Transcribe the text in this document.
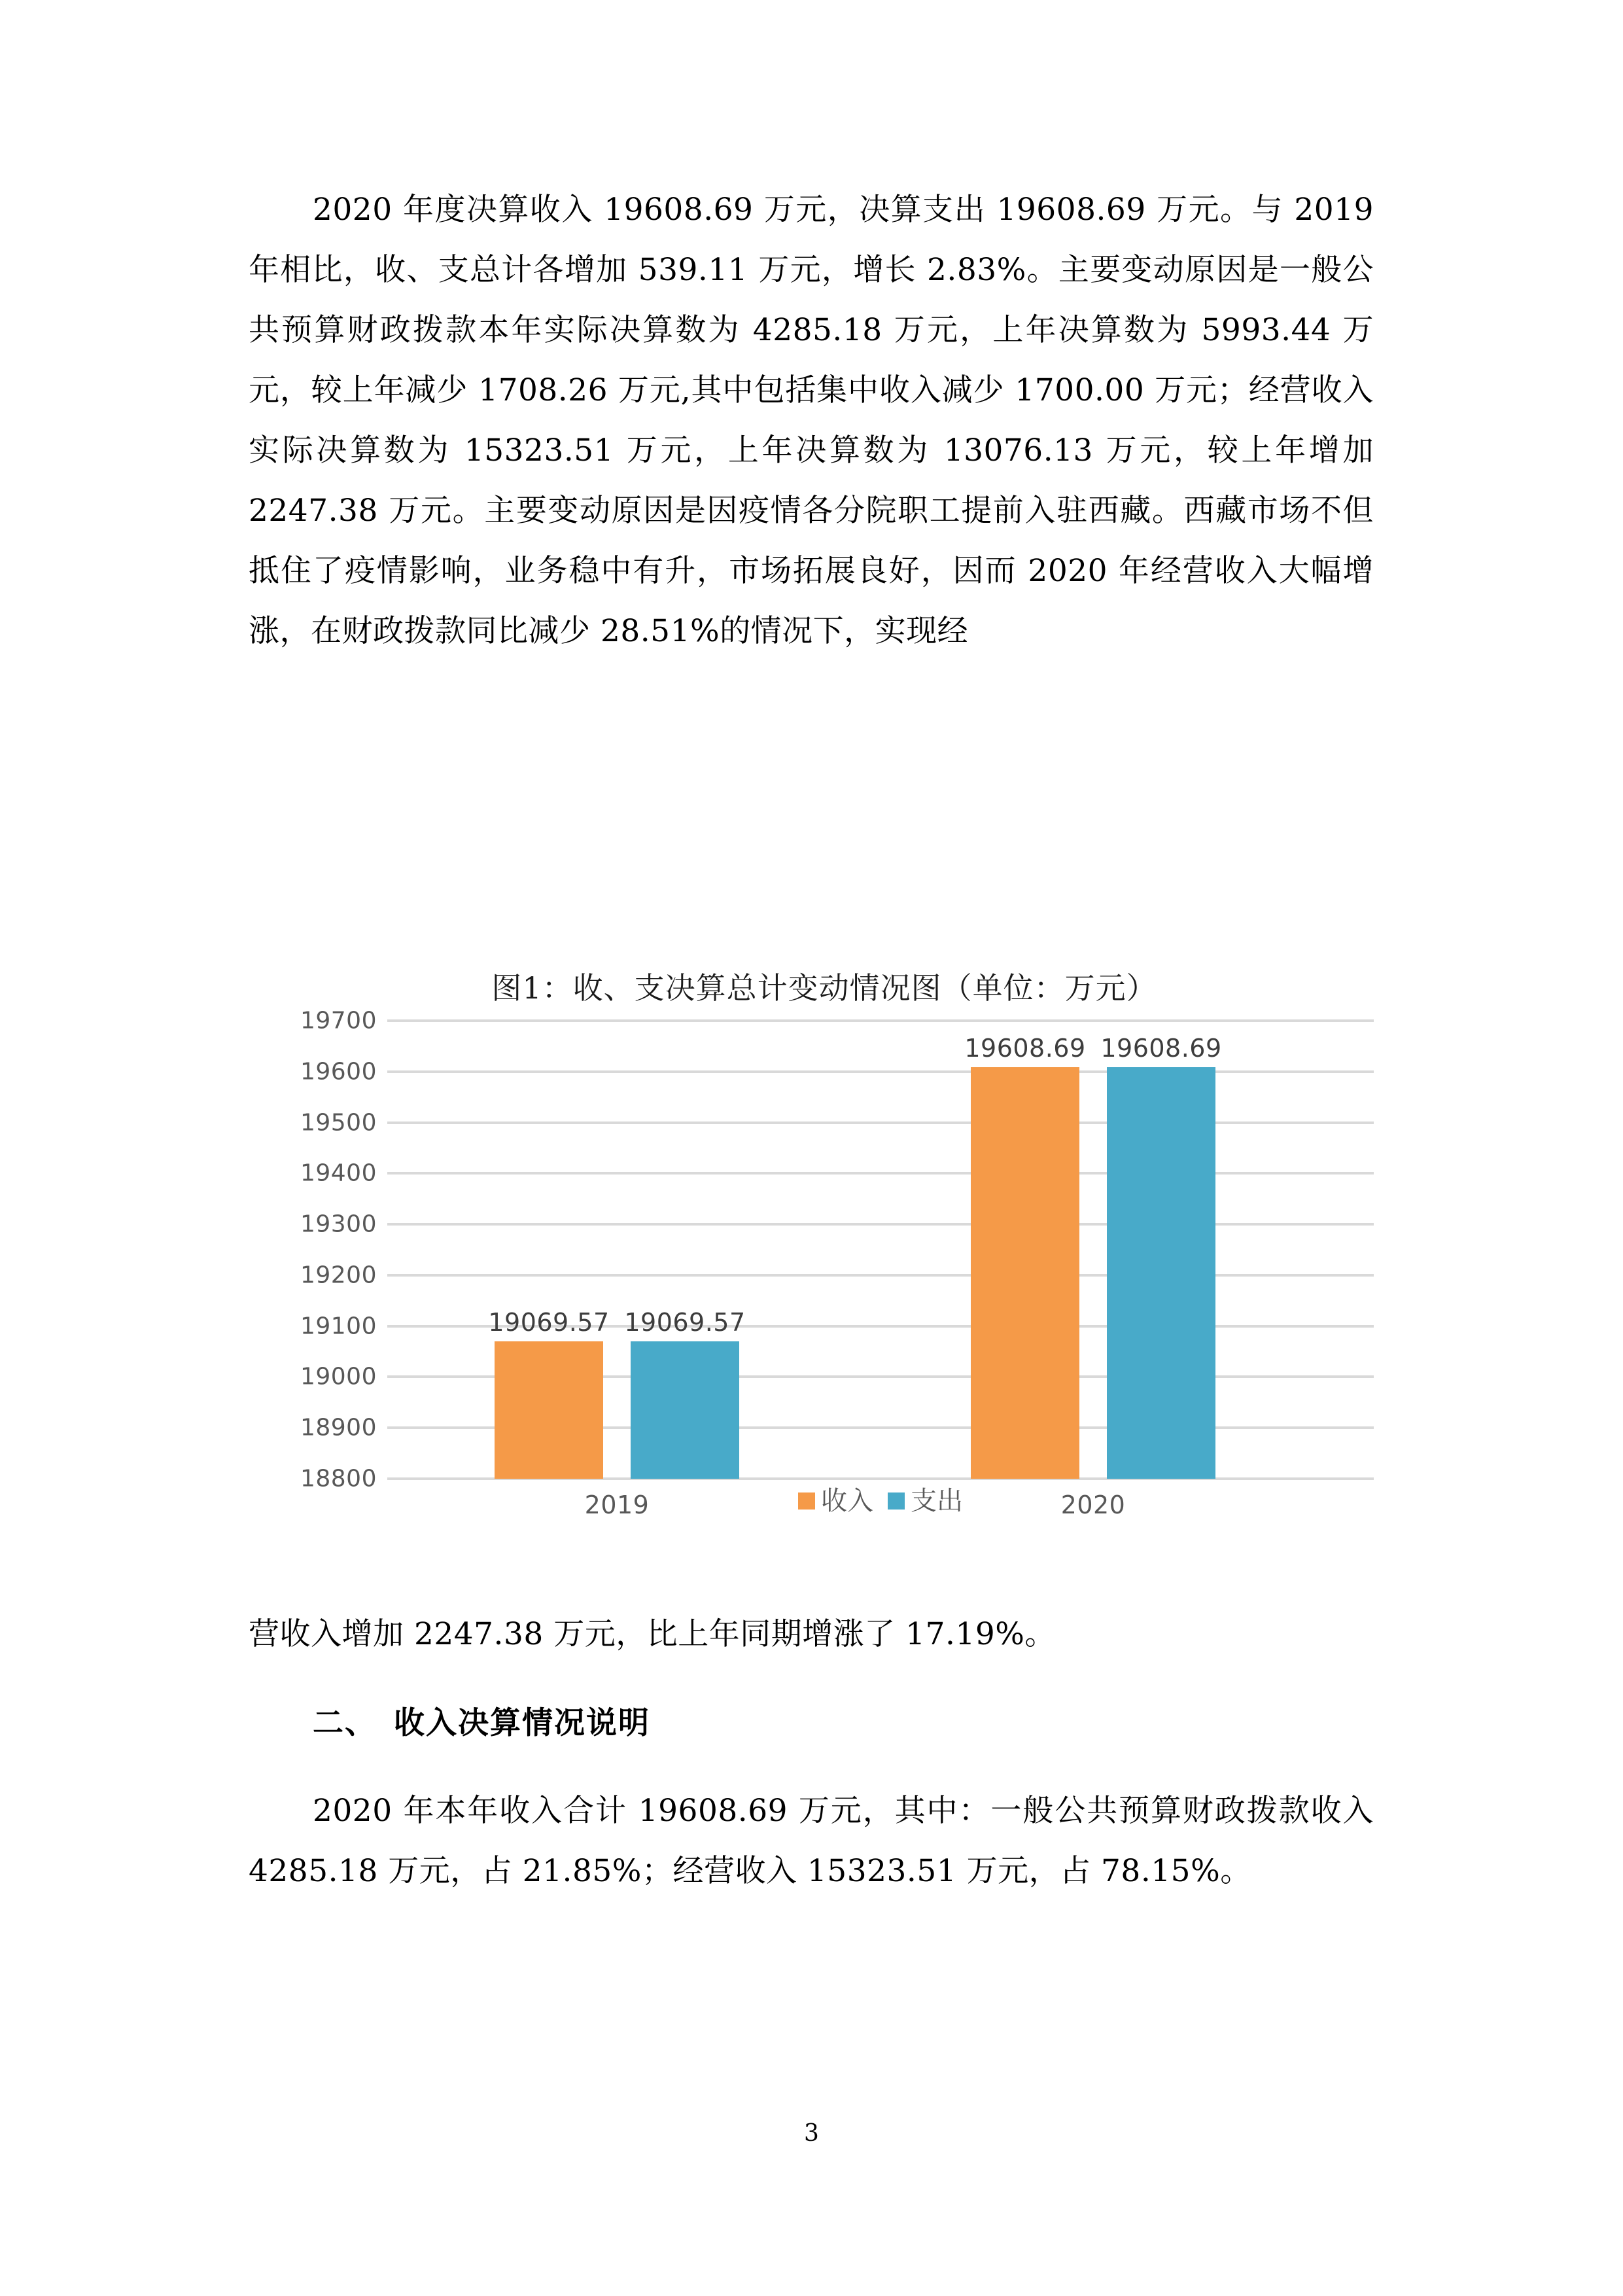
2020 年度决算收入 19608.69 万元，决算支出 19608.69 万元。与 2019 年相比，收、支总计各增加 539.11 万元，增长 2.83%。主要变动原因是一般公共预算财政拨款本年实际决算数为 4285.18 万元，上年决算数为 5993.44 万元，较上年减少 1708.26 万元,其中包括集中收入减少 1700.00 万元；经营收入实际决算数为 15323.51 万元，上年决算数为 13076.13 万元，较上年增加 2247.38 万元。主要变动原因是因疫情各分院职工提前入驻西藏。西藏市场不但抵住了疫情影响，业务稳中有升，市场拓展良好，因而 2020 年经营收入大幅增涨，在财政拨款同比减少 28.51%的情况下，实现经
图1：收、支决算总计变动情况图（单位：万元）
19700
19600
19500
19400
19300
19200
19100
19000
18900
18800
19069.57 19069.57
19608.69 19608.69
2019	2020
收入 支出
营收入增加 2247.38 万元，比上年同期增涨了 17.19%。
二、 收入决算情况说明
2020 年本年收入合计 19608.69 万元，其中：一般公共预算财政拨款收入 4285.18 万元，占 21.85%；经营收入 15323.51 万元，占 78.15%。
3
